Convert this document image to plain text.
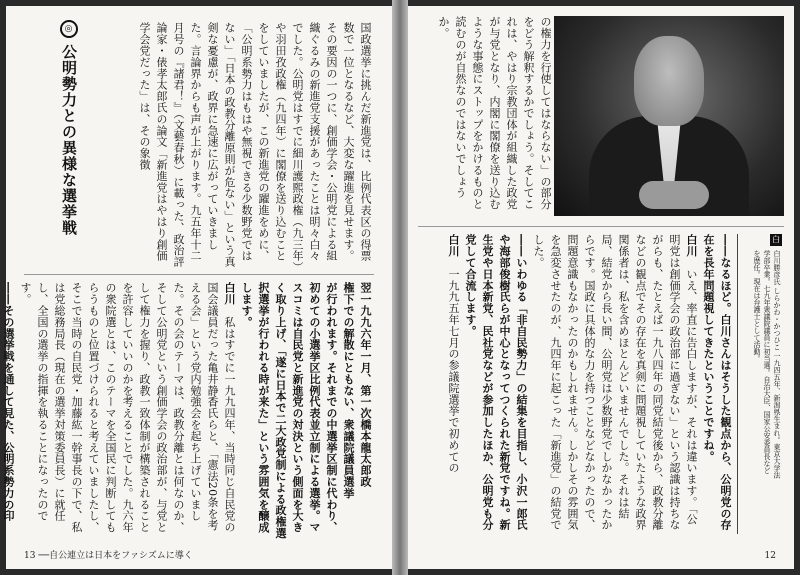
国政選挙に挑んだ新進党は、比例代表区の得票数で一位となるなど、大変な躍進を見せます。その要因の一つに、創価学会・公明党による組織ぐるみの新進党支援があったことは明々白々でした。公明党はすでに細川護熙政権（九三年）や羽田孜政権（九四年）に閣僚を送り込むことをしていましたが、この新進党の躍進をめに、「公明系勢力はもはや無視できる少数野党ではない」「日本の政教分離原則が危ない」という真剣な憂慮が、政界に急速に広がっていきました。言論界からも声が上がります。九五年十二月号の『諸君！』（文藝春秋）に載った、政治評論家・俵孝太郎氏の論文「新進党はやはり創価学会党だった」は、その象徴

◎公明勢力との異様な選挙戦

翌一九九六年一月、第一次橋本龍太郎政

権下での解散にともない、衆議院議員選挙

が行われます。それまでの中選挙区制に代わり、初めての小選挙区比例代表並立制による選挙。マスコミは自民党と新進党の対決という側面を大きく取り上げ、「遂に日本で二大政党制による政権選択選挙が行われる時が来た」という雰囲気を醸成します。

白川　私はすでに一九九四年、当時同じ自民党の国会議員だった亀井静香氏らと、「憲法20条を考える会」という党内勉強会を起ち上げていました。その会のテーマは、政教分離とは何なのか、そして公明党という創価学会の政治部が、与党として権力を握り、政教一致体制が構築されることを許容していいのかを考えることでした。九六年の衆院選とは、このテーマを全国民に判断してもらうものと位置づけられると考えていましたし、そこで当時の自民党・加藤紘一幹事長の下で、私は党総務局長（現在の選挙対策委員長）に就任し、全国の選挙の指揮を執ることになったのです。

――その選挙戦を通して見た、公明系勢力の印

13 ──自公連立は日本をファシズムに導く

の権力を行使してはならない」の部分をどう解釈するかでしょう。そしてこれは、やはり宗教団体が組織した政党が与党となり、内閣に閣僚を送り込むような事態にストップをかけるものと読むのが自然なのではないでしょうか。

――なるほど。白川さんはそうした観点から、公明党の存在を長年問題視してきたということですね。

白川　いえ、率直に告白しますが、それは違います。「公明党は創価学会の政治部に過ぎない」という認識は持ちながらも、たとえば一九八四年の同党結党後から、政教分離などの観点でその存在を真剣に問題視していたような政界関係者は、私を含めほとんどいませんでした。それは結局、結党から長い間、公明党は少数野党でしかなかったからです。国政に具体的な力を持つことなどなかったので、問題意識もなかったのかもしれません。しかしその雰囲気を急変させたのが、九四年に起こった「新進党」の結党でした。

――いわゆる「非自民勢力」の結集を目指し、小沢一郎氏や海部俊樹氏らが中心となってつくられた新党ですね。新生党や日本新党、民社党などが参加したほか、公明党も分党して合流します。

白川　一九九五年七月の参議院選挙で初めての

白
白川勝彦氏 しらかわ・かつひこ 一九四五年、新潟県生まれ。東京大学法学部卒業。七九年衆議院議員に初当選。自治大臣、国家公安委員長などを歴任。現在は弁護士として活動。
12
